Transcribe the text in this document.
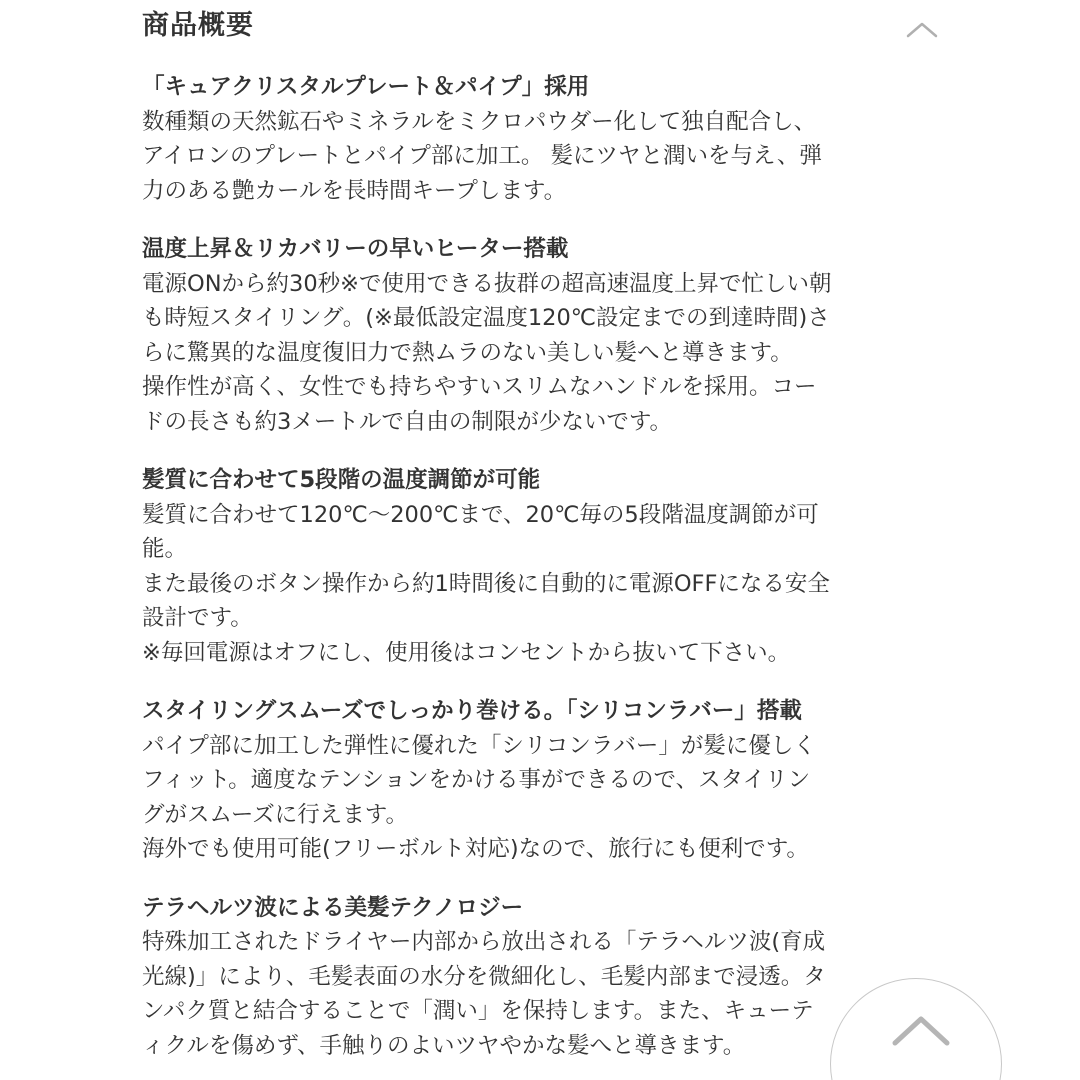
商品概要

「キュアクリスタルプレート＆パイプ」採用

数種類の天然鉱石やミネラルをミクロパウダー化して独自配合し、

アイロンのプレートとパイプ部に加工。 髪にツヤと潤いを与え、弾

力のある艶カールを長時間キープします。

温度上昇＆リカバリーの早いヒーター搭載

電源ONから約30秒※で使用できる抜群の超高速温度上昇で忙しい朝

も時短スタイリング。(※最低設定温度120℃設定までの到達時間)さ

らに驚異的な温度復旧力で熱ムラのない美しい髪へと導きます。

操作性が高く、女性でも持ちやすいスリムなハンドルを採用。コー

ドの長さも約3メートルで自由の制限が少ないです。

髪質に合わせて5段階の温度調節が可能

髪質に合わせて120℃〜200℃まで、20℃毎の5段階温度調節が可

能。

また最後のボタン操作から約1時間後に自動的に電源OFFになる安全

設計です。

※毎回電源はオフにし、使用後はコンセントから抜いて下さい。

スタイリングスムーズでしっかり巻ける。「シリコンラバー」搭載

パイプ部に加工した弾性に優れた「シリコンラバー」が髪に優しく

フィット。適度なテンションをかける事ができるので、スタイリン

グがスムーズに行えます。

海外でも使用可能(フリーボルト対応)なので、旅行にも便利です。

テラヘルツ波による美髪テクノロジー

特殊加工されたドライヤー内部から放出される「テラヘルツ波(育成

光線)」により、毛髪表面の水分を微細化し、毛髪内部まで浸透。タ

ンパク質と結合することで「潤い」を保持します。また、キューテ

ィクルを傷めず、手触りのよいツヤやかな髪へと導きます。
